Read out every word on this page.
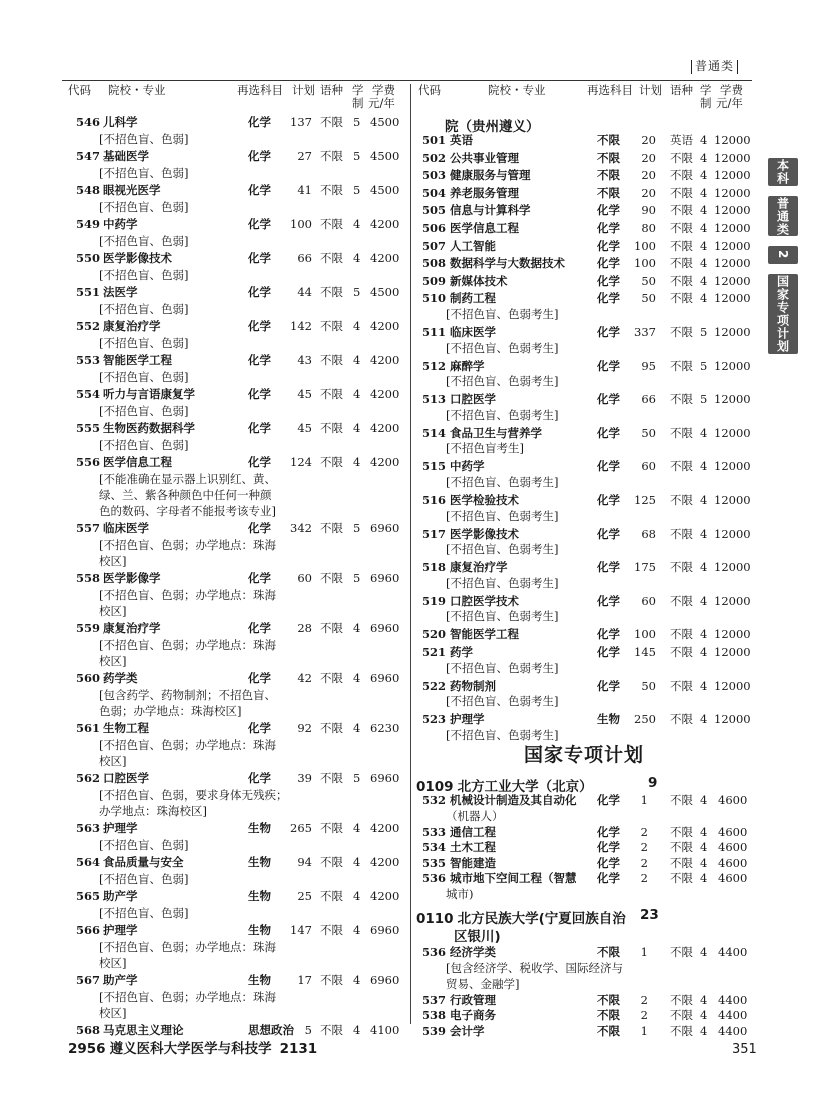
普通类
代码 院校・专业	再选科目 计划 语种 学
制
学费
元/年
代码	院校・专业	再选科目 计划 语种 学
制
学费
元/年
546 儿科学	化学 137 不限 5 4500
[不招色盲、色弱]
547 基础医学	化学	27 不限 5 4500
[不招色盲、色弱]
548 眼视光医学	化学	41 不限 5 4500
[不招色盲、色弱]
549 中药学	化学 100 不限 4 4200
[不招色盲、色弱]
550 医学影像技术	化学	66 不限 4 4200
[不招色盲、色弱]
551 法医学	化学	44 不限 5 4500
[不招色盲、色弱]
552 康复治疗学	化学 142 不限 4 4200
[不招色盲、色弱]
553 智能医学工程	化学	43 不限 4 4200
[不招色盲、色弱]
554 听力与言语康复学	化学	45 不限 4 4200
[不招色盲、色弱]
555 生物医药数据科学	化学	45 不限 4 4200
[不招色盲、色弱]
556 医学信息工程	化学 124 不限 4 4200
[不能准确在显示器上识别红、黄、
绿、兰、紫各种颜色中任何一种颜
色的数码、字母者不能报考该专业]
557 临床医学	化学 342 不限 5 6960
[不招色盲、色弱；办学地点：珠海
校区]
558 医学影像学	化学	60 不限 5 6960
[不招色盲、色弱；办学地点：珠海
校区]
559 康复治疗学	化学	28 不限 4 6960
[不招色盲、色弱；办学地点：珠海
校区]
560 药学类	化学	42 不限 4 6960
[包含药学、药物制剂；不招色盲、
色弱；办学地点：珠海校区]
561 生物工程	化学	92 不限 4 6230
[不招色盲、色弱；办学地点：珠海
校区]
562 口腔医学	化学	39 不限 5 6960
[不招色盲、色弱，要求身体无残疾；
办学地点：珠海校区]
563 护理学	生物 265 不限 4 4200
[不招色盲、色弱]
564 食品质量与安全	生物	94 不限 4 4200
[不招色盲、色弱]
565 助产学	生物	25 不限 4 4200
[不招色盲、色弱]
566 护理学	生物 147 不限 4 6960
[不招色盲、色弱；办学地点：珠海
校区]
567 助产学	生物	17 不限 4 6960
[不招色盲、色弱；办学地点：珠海
校区]
568 马克思主义理论	思想政治 5 不限 4 4100
2956 遵义医科大学医学与科技学 2131
院（贵州遵义）
501 英语	不限	20 英语 4 12000
502 公共事业管理	不限	20 不限 4 12000
503 健康服务与管理	不限	20 不限 4 12000
504 养老服务管理	不限	20 不限 4 12000
505 信息与计算科学	化学	90 不限 4 12000
506 医学信息工程	化学	80 不限 4 12000
507 人工智能	化学 100 不限 4 12000
508 数据科学与大数据技术	化学 100 不限 4 12000
509 新媒体技术	化学	50 不限 4 12000
510 制药工程	化学	50 不限 4 12000
[不招色盲、色弱考生]
511 临床医学	化学 337 不限 5 12000
[不招色盲、色弱考生]
512 麻醉学	化学	95 不限 5 12000
[不招色盲、色弱考生]
513 口腔医学	化学	66 不限 5 12000
[不招色盲、色弱考生]
514 食品卫生与营养学	化学	50 不限 4 12000
[不招色盲考生]
515 中药学	化学	60 不限 4 12000
[不招色盲、色弱考生]
516 医学检验技术	化学 125 不限 4 12000
[不招色盲、色弱考生]
517 医学影像技术	化学	68 不限 4 12000
[不招色盲、色弱考生]
518 康复治疗学	化学 175 不限 4 12000
[不招色盲、色弱考生]
519 口腔医学技术	化学	60 不限 4 12000
[不招色盲、色弱考生]
520 智能医学工程	化学 100 不限 4 12000
521 药学	化学 145 不限 4 12000
[不招色盲、色弱考生]
522 药物制剂	化学	50 不限 4 12000
[不招色盲、色弱考生]
523 护理学	生物 250 不限 4 12000
[不招色盲、色弱考生]
0109 北方工业大学（北京）	9
532 机械设计制造及其自动化 化学	1 不限 4 4600
（机器人）
533 通信工程	化学	2 不限 4 4600
534 土木工程	化学	2 不限 4 4600
535 智能建造	化学	2 不限 4 4600
536 城市地下空间工程（智慧 化学	2 不限 4 4600
城市)
0110 北方民族大学(宁夏回族自治 23
区银川)
536 经济学类	不限	1 不限 4 4400
[包含经济学、税收学、国际经济与
贸易、金融学]
537 行政管理	不限	2 不限 4 4400
538 电子商务	不限	2 不限 4 4400
539 会计学	不限	1 不限 4 4400
国家专项计划
本科
普通类
2
国家专项计划
351
